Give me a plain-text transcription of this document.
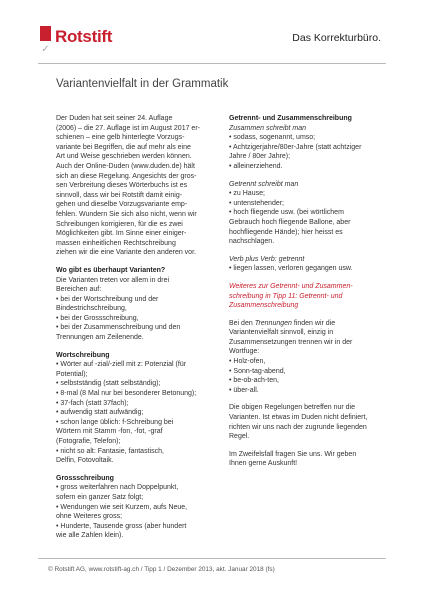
✓
Rotstift	Das Korrekturbüro.
Variantenvielfalt in der Grammatik
Der Duden hat seit seiner 24. Auflage
(2006) – die 27. Auflage ist im August 2017 er-
schienen – eine gelb hinterlegte Vorzugs-
variante bei Begriffen, die auf mehr als eine
Art und Weise geschrieben werden können.
Auch der Online-Duden (www.duden.de) hält
sich an diese Regelung. Angesichts der gros-
sen Verbreitung dieses Wörterbuchs ist es
sinnvoll, dass wir bei Rotstift damit einig-
gehen und dieselbe Vorzugsvariante emp-
fehlen. Wundern Sie sich also nicht, wenn wir
Schreibungen korrigieren, für die es zwei
Möglichkeiten gibt. Im Sinne einer einiger-
massen einheitlichen Rechtschreibung
ziehen wir die eine Variante den anderen vor.
Wo gibt es überhaupt Varianten?
Die Varianten treten vor allem in drei
Bereichen auf:
• bei der Wortschreibung und der
Bindestrichschreibung,
• bei der Grossschreibung,
• bei der Zusammenschreibung und den
Trennungen am Zeilenende.
Wortschreibung
• Wörter auf -zial/-ziell mit z: Potenzial (für
Potential);
• selbstständig (statt selbständig);
• 8-mal (8 Mal nur bei besonderer Betonung);
• 37-fach (statt 37fach);
• aufwendig statt aufwändig;
• schon lange üblich: f-Schreibung bei
Wörtern mit Stamm -fon, -fot, -graf
(Fotografie, Telefon);
• nicht so alt: Fantasie, fantastisch,
Delfin, Fotovoltaik.
Grossschreibung
• gross weiterfahren nach Doppelpunkt,
sofern ein ganzer Satz folgt;
• Wendungen wie seit Kurzem, aufs Neue,
ohne Weiteres gross;
• Hunderte, Tausende gross (aber hundert
wie alle Zahlen klein).
Getrennt- und Zusammenschreibung
Zusammen schreibt man
• sodass, sogenannt, umso;
• Achtzigerjahre/80er-Jahre (statt achtziger
Jahre / 80er Jahre);
• alleinerziehend.
Getrennt schreibt man
• zu Hause;
• untenstehender;
• hoch fliegende usw. (bei wörtlichem
Gebrauch hoch fliegende Ballone, aber
hochfliegende Hände); hier heisst es
nachschlagen.
Verb plus Verb: getrennt
• liegen lassen, verloren gegangen usw.
Weiteres zur Getrennt- und Zusammen-
schreibung in Tipp 11: Getrennt- und
Zusammenschreibung
Bei den Trennungen finden wir die
Variantenvielfalt sinnvoll, einzig in
Zusammensetzungen trennen wir in der
Wortfuge:
• Holz-ofen,
• Sonn-tag-abend,
• be-ob-ach-ten,
• über-all.
Die obigen Regelungen betreffen nur die
Varianten. Ist etwas im Duden nicht definiert,
richten wir uns nach der zugrunde liegenden
Regel.
Im Zweifelsfall fragen Sie uns. Wir geben
Ihnen gerne Auskunft!
© Rotstift AG, www.rotstift-ag.ch / Tipp 1 / Dezember 2013, akt. Januar 2018 (fs)
